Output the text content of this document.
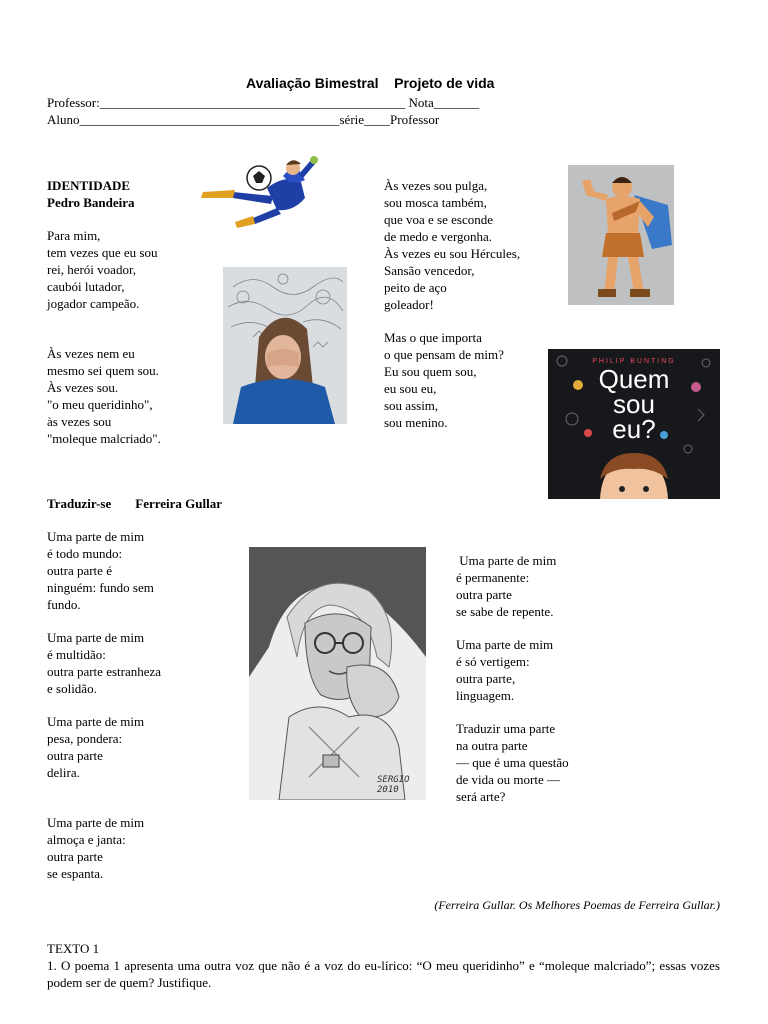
Avaliação Bimestral    Projeto de vida
Professor:_______________________________________________ Nota_______
Aluno________________________________________série____Professor
IDENTIDADE
Pedro Bandeira
Para mim,
tem vezes que eu sou
rei, herói voador,
caubói lutador,
jogador campeão.
Às vezes nem eu
mesmo sei quem sou.
Às vezes sou.
"o meu queridinho",
às vezes sou
"moleque malcriado".
Às vezes sou pulga,
sou mosca também,
que voa e se esconde
de medo e vergonha.
Às vezes eu sou Hércules,
Sansão vencedor,
peito de aço
goleador!
Mas o que importa
o que pensam de mim?
Eu sou quem sou,
eu sou eu,
sou assim,
sou menino.
PHILIP BUNTING
Quem
sou
eu?
Traduzir-se Ferreira Gullar
Uma parte de mim
é todo mundo:
outra parte é
ninguém: fundo sem
fundo.
Uma parte de mim
é multidão:
outra parte estranheza
e solidão.
Uma parte de mim
pesa, pondera:
outra parte
delira.
Uma parte de mim
almoça e janta:
outra parte
se espanta.
SERGIO
2010
Uma parte de mim
é permanente:
outra parte
se sabe de repente.
Uma parte de mim
é só vertigem:
outra parte,
linguagem.
Traduzir uma parte
na outra parte
— que é uma questão
de vida ou morte —
será arte?
(Ferreira Gullar. Os Melhores Poemas de Ferreira Gullar.)
TEXTO 1
1. O poema 1 apresenta uma outra voz que não é a voz do eu-lírico: “O meu queridinho” e “moleque malcriado”; essas vozes         podem ser de quem? Justifique.
